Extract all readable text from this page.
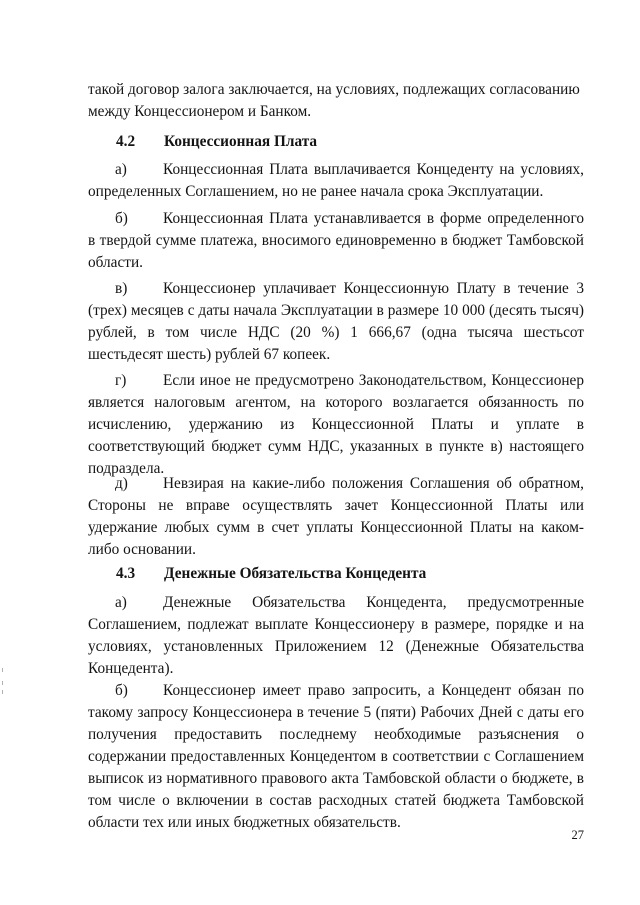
такой договор залога заключается, на условиях, подлежащих согласованию между Концессионером и Банком.

4.2 Концессионная Плата

а) Концессионная Плата выплачивается Концеденту на условиях, определенных Соглашением, но не ранее начала срока Эксплуатации.

б) Концессионная Плата устанавливается в форме определенного в твердой сумме платежа, вносимого единовременно в бюджет Тамбовской области.

в) Концессионер уплачивает Концессионную Плату в течение 3 (трех) месяцев с даты начала Эксплуатации в размере 10 000 (десять тысяч) рублей, в том числе НДС (20 %) 1 666,67 (одна тысяча шестьсот шестьдесят шесть) рублей 67 копеек.

г) Если иное не предусмотрено Законодательством, Концессионер является налоговым агентом, на которого возлагается обязанность по исчислению, удержанию из Концессионной Платы и уплате в соответствующий бюджет сумм НДС, указанных в пункте в) настоящего подраздела.

д) Невзирая на какие-либо положения Соглашения об обратном, Стороны не вправе осуществлять зачет Концессионной Платы или удержание любых сумм в счет уплаты Концессионной Платы на каком-либо основании.

4.3 Денежные Обязательства Концедента

а) Денежные Обязательства Концедента, предусмотренные Соглашением, подлежат выплате Концессионеру в размере, порядке и на условиях, установленных Приложением 12 (Денежные Обязательства Концедента).

б) Концессионер имеет право запросить, а Концедент обязан по такому запросу Концессионера в течение 5 (пяти) Рабочих Дней с даты его получения предоставить последнему необходимые разъяснения о содержании предоставленных Концедентом в соответствии с Соглашением выписок из нормативного правового акта Тамбовской области о бюджете, в том числе о включении в состав расходных статей бюджета Тамбовской области тех или иных бюджетных обязательств.

27
